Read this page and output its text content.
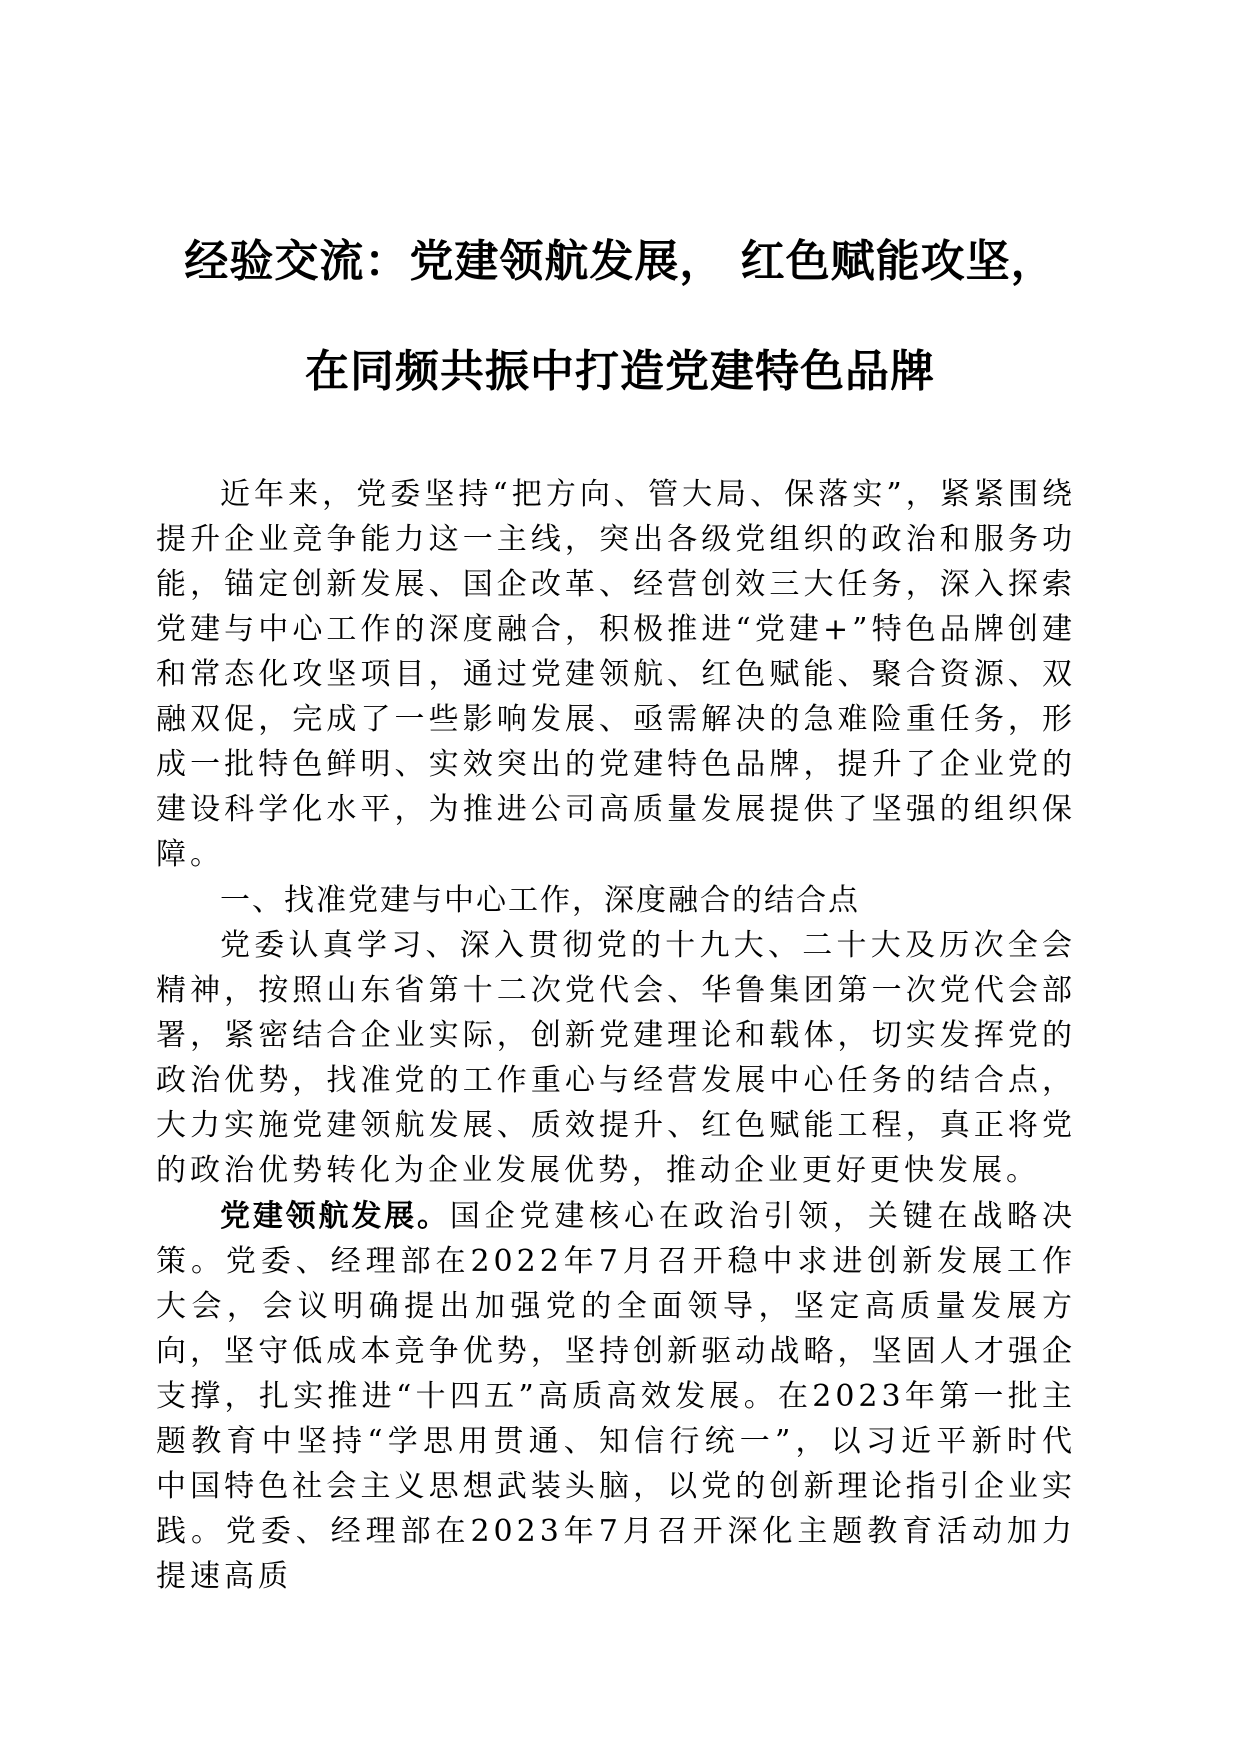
经验交流：党建领航发展， 红色赋能攻坚，
在同频共振中打造党建特色品牌
近年来，党委坚持“把方向、管大局、保落实”，紧紧围绕提升企业竞争能力这一主线，突出各级党组织的政治和服务功能，锚定创新发展、国企改革、经营创效三大任务，深入探索党建与中心工作的深度融合，积极推进“党建+”特色品牌创建和常态化攻坚项目，通过党建领航、红色赋能、聚合资源、双融双促，完成了一些影响发展、亟需解决的急难险重任务，形成一批特色鲜明、实效突出的党建特色品牌，提升了企业党的建设科学化水平，为推进公司高质量发展提供了坚强的组织保障。
一、找准党建与中心工作，深度融合的结合点
党委认真学习、深入贯彻党的十九大、二十大及历次全会精神，按照山东省第十二次党代会、华鲁集团第一次党代会部署，紧密结合企业实际，创新党建理论和载体，切实发挥党的政治优势，找准党的工作重心与经营发展中心任务的结合点，大力实施党建领航发展、质效提升、红色赋能工程，真正将党的政治优势转化为企业发展优势，推动企业更好更快发展。
党建领航发展。国企党建核心在政治引领，关键在战略决策。党委、经理部在2022年7月召开稳中求进创新发展工作大会，会议明确提出加强党的全面领导，坚定高质量发展方向，坚守低成本竞争优势，坚持创新驱动战略，坚固人才强企支撑，扎实推进“十四五”高质高效发展。在2023年第一批主题教育中坚持“学思用贯通、知信行统一”，以习近平新时代中国特色社会主义思想武装头脑，以党的创新理论指引企业实践。党委、经理部在2023年7月召开深化主题教育活动加力提速高质
